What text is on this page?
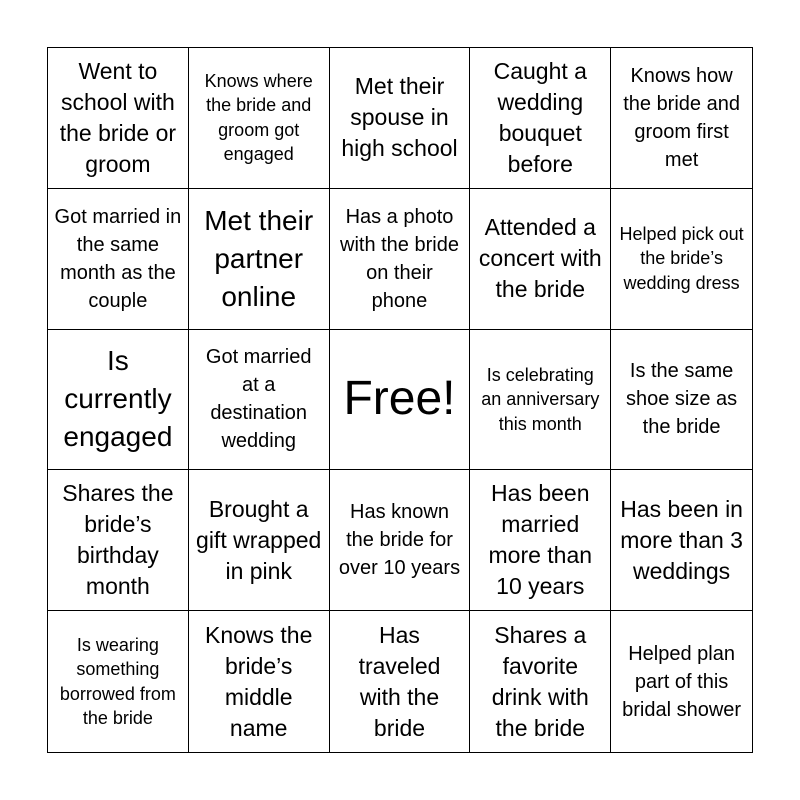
Went to school with the bride or groom
Knows where the bride and groom got engaged
Met their spouse in high school
Caught a wedding bouquet before
Knows how the bride and groom first met
Got married in the same month as the couple
Met their partner online
Has a photo with the bride on their phone
Attended a concert with the bride
Helped pick out the bride’s wedding dress
Is currently engaged
Got married at a destination wedding
Free!	Is celebrating an anniversary this month
Is the same shoe size as the bride
Shares the bride’s birthday month
Brought a gift wrapped in pink
Has known the bride for over 10 years
Has been married more than 10 years
Has been in more than 3 weddings
Is wearing something borrowed from the bride
Knows the bride’s middle name
Has traveled with the bride
Shares a favorite drink with the bride
Helped plan part of this bridal shower
